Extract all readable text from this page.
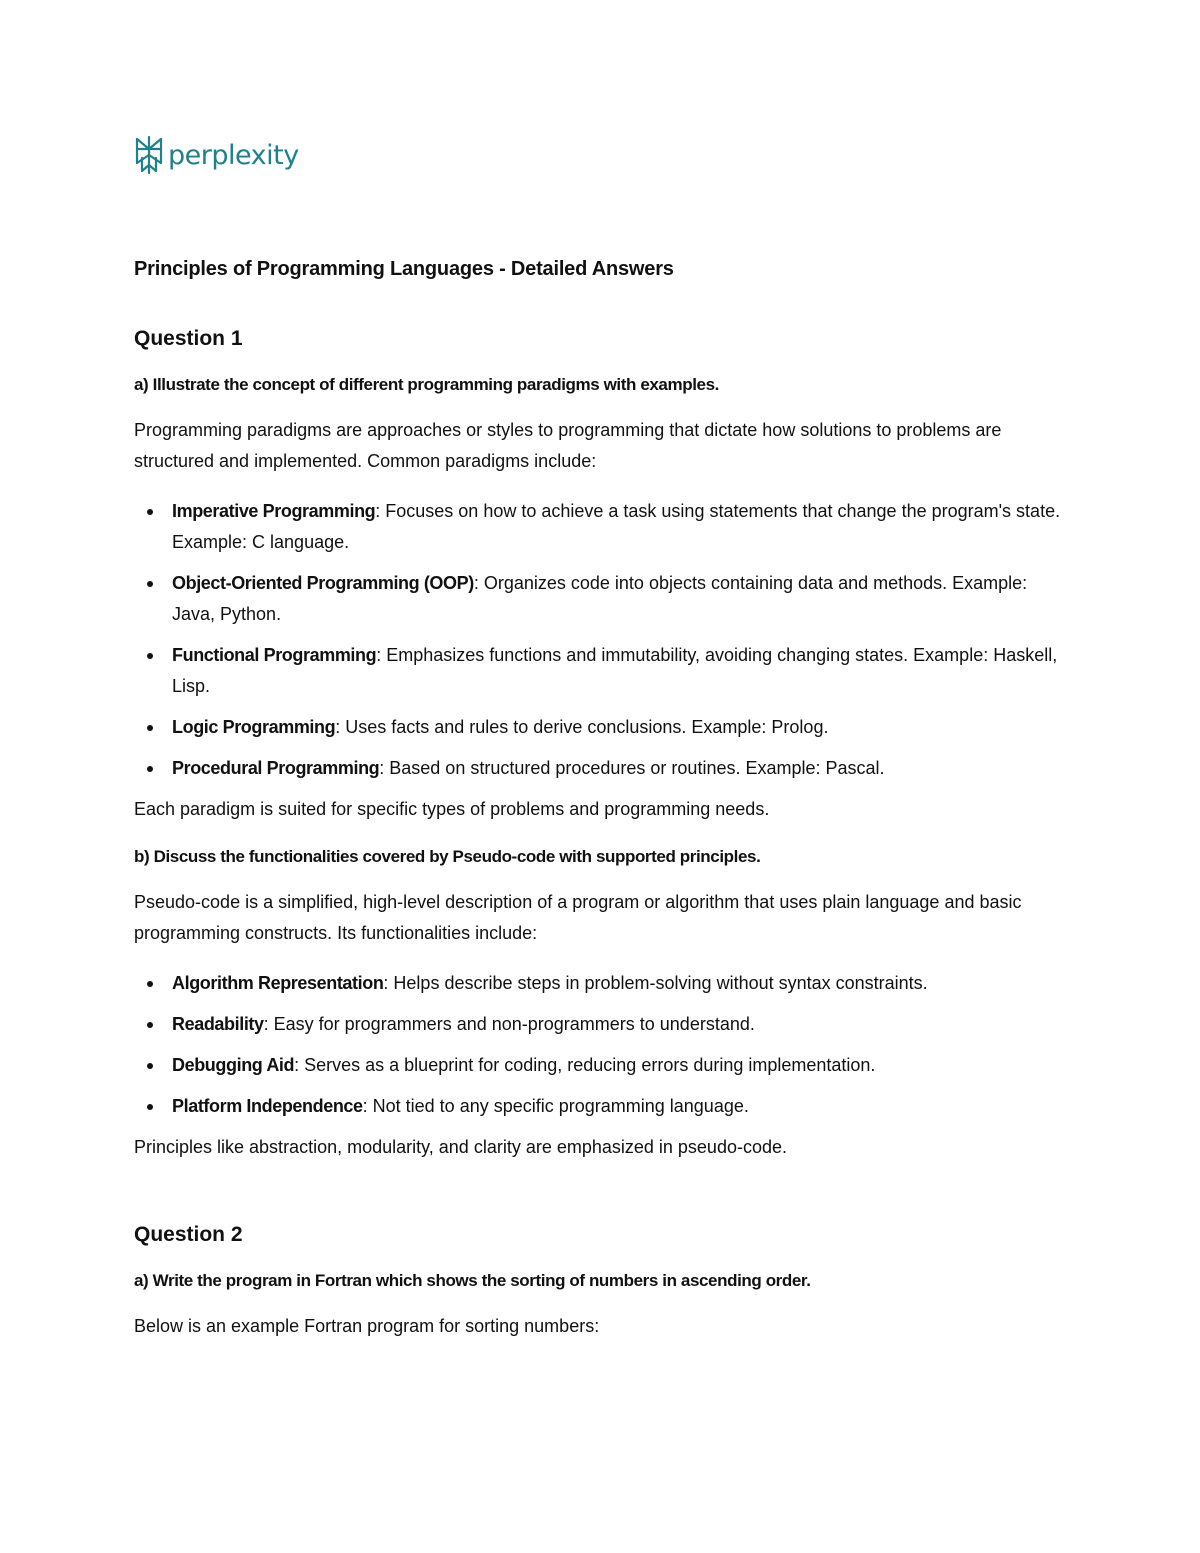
perplexity
Principles of Programming Languages - Detailed Answers
Question 1
a) Illustrate the concept of different programming paradigms with examples.

Programming paradigms are approaches or styles to programming that dictate how solutions to problems are structured and implemented. Common paradigms include:

Imperative Programming: Focuses on how to achieve a task using statements that change the program's state. Example: C language.
Object-Oriented Programming (OOP): Organizes code into objects containing data and methods. Example: Java, Python.
Functional Programming: Emphasizes functions and immutability, avoiding changing states. Example: Haskell, Lisp.
Logic Programming: Uses facts and rules to derive conclusions. Example: Prolog.
Procedural Programming: Based on structured procedures or routines. Example: Pascal.

Each paradigm is suited for specific types of problems and programming needs.

b) Discuss the functionalities covered by Pseudo-code with supported principles.

Pseudo-code is a simplified, high-level description of a program or algorithm that uses plain language and basic programming constructs. Its functionalities include:

Algorithm Representation: Helps describe steps in problem-solving without syntax constraints.
Readability: Easy for programmers and non-programmers to understand.
Debugging Aid: Serves as a blueprint for coding, reducing errors during implementation.
Platform Independence: Not tied to any specific programming language.

Principles like abstraction, modularity, and clarity are emphasized in pseudo-code.

Question 2
a) Write the program in Fortran which shows the sorting of numbers in ascending order.

Below is an example Fortran program for sorting numbers:
